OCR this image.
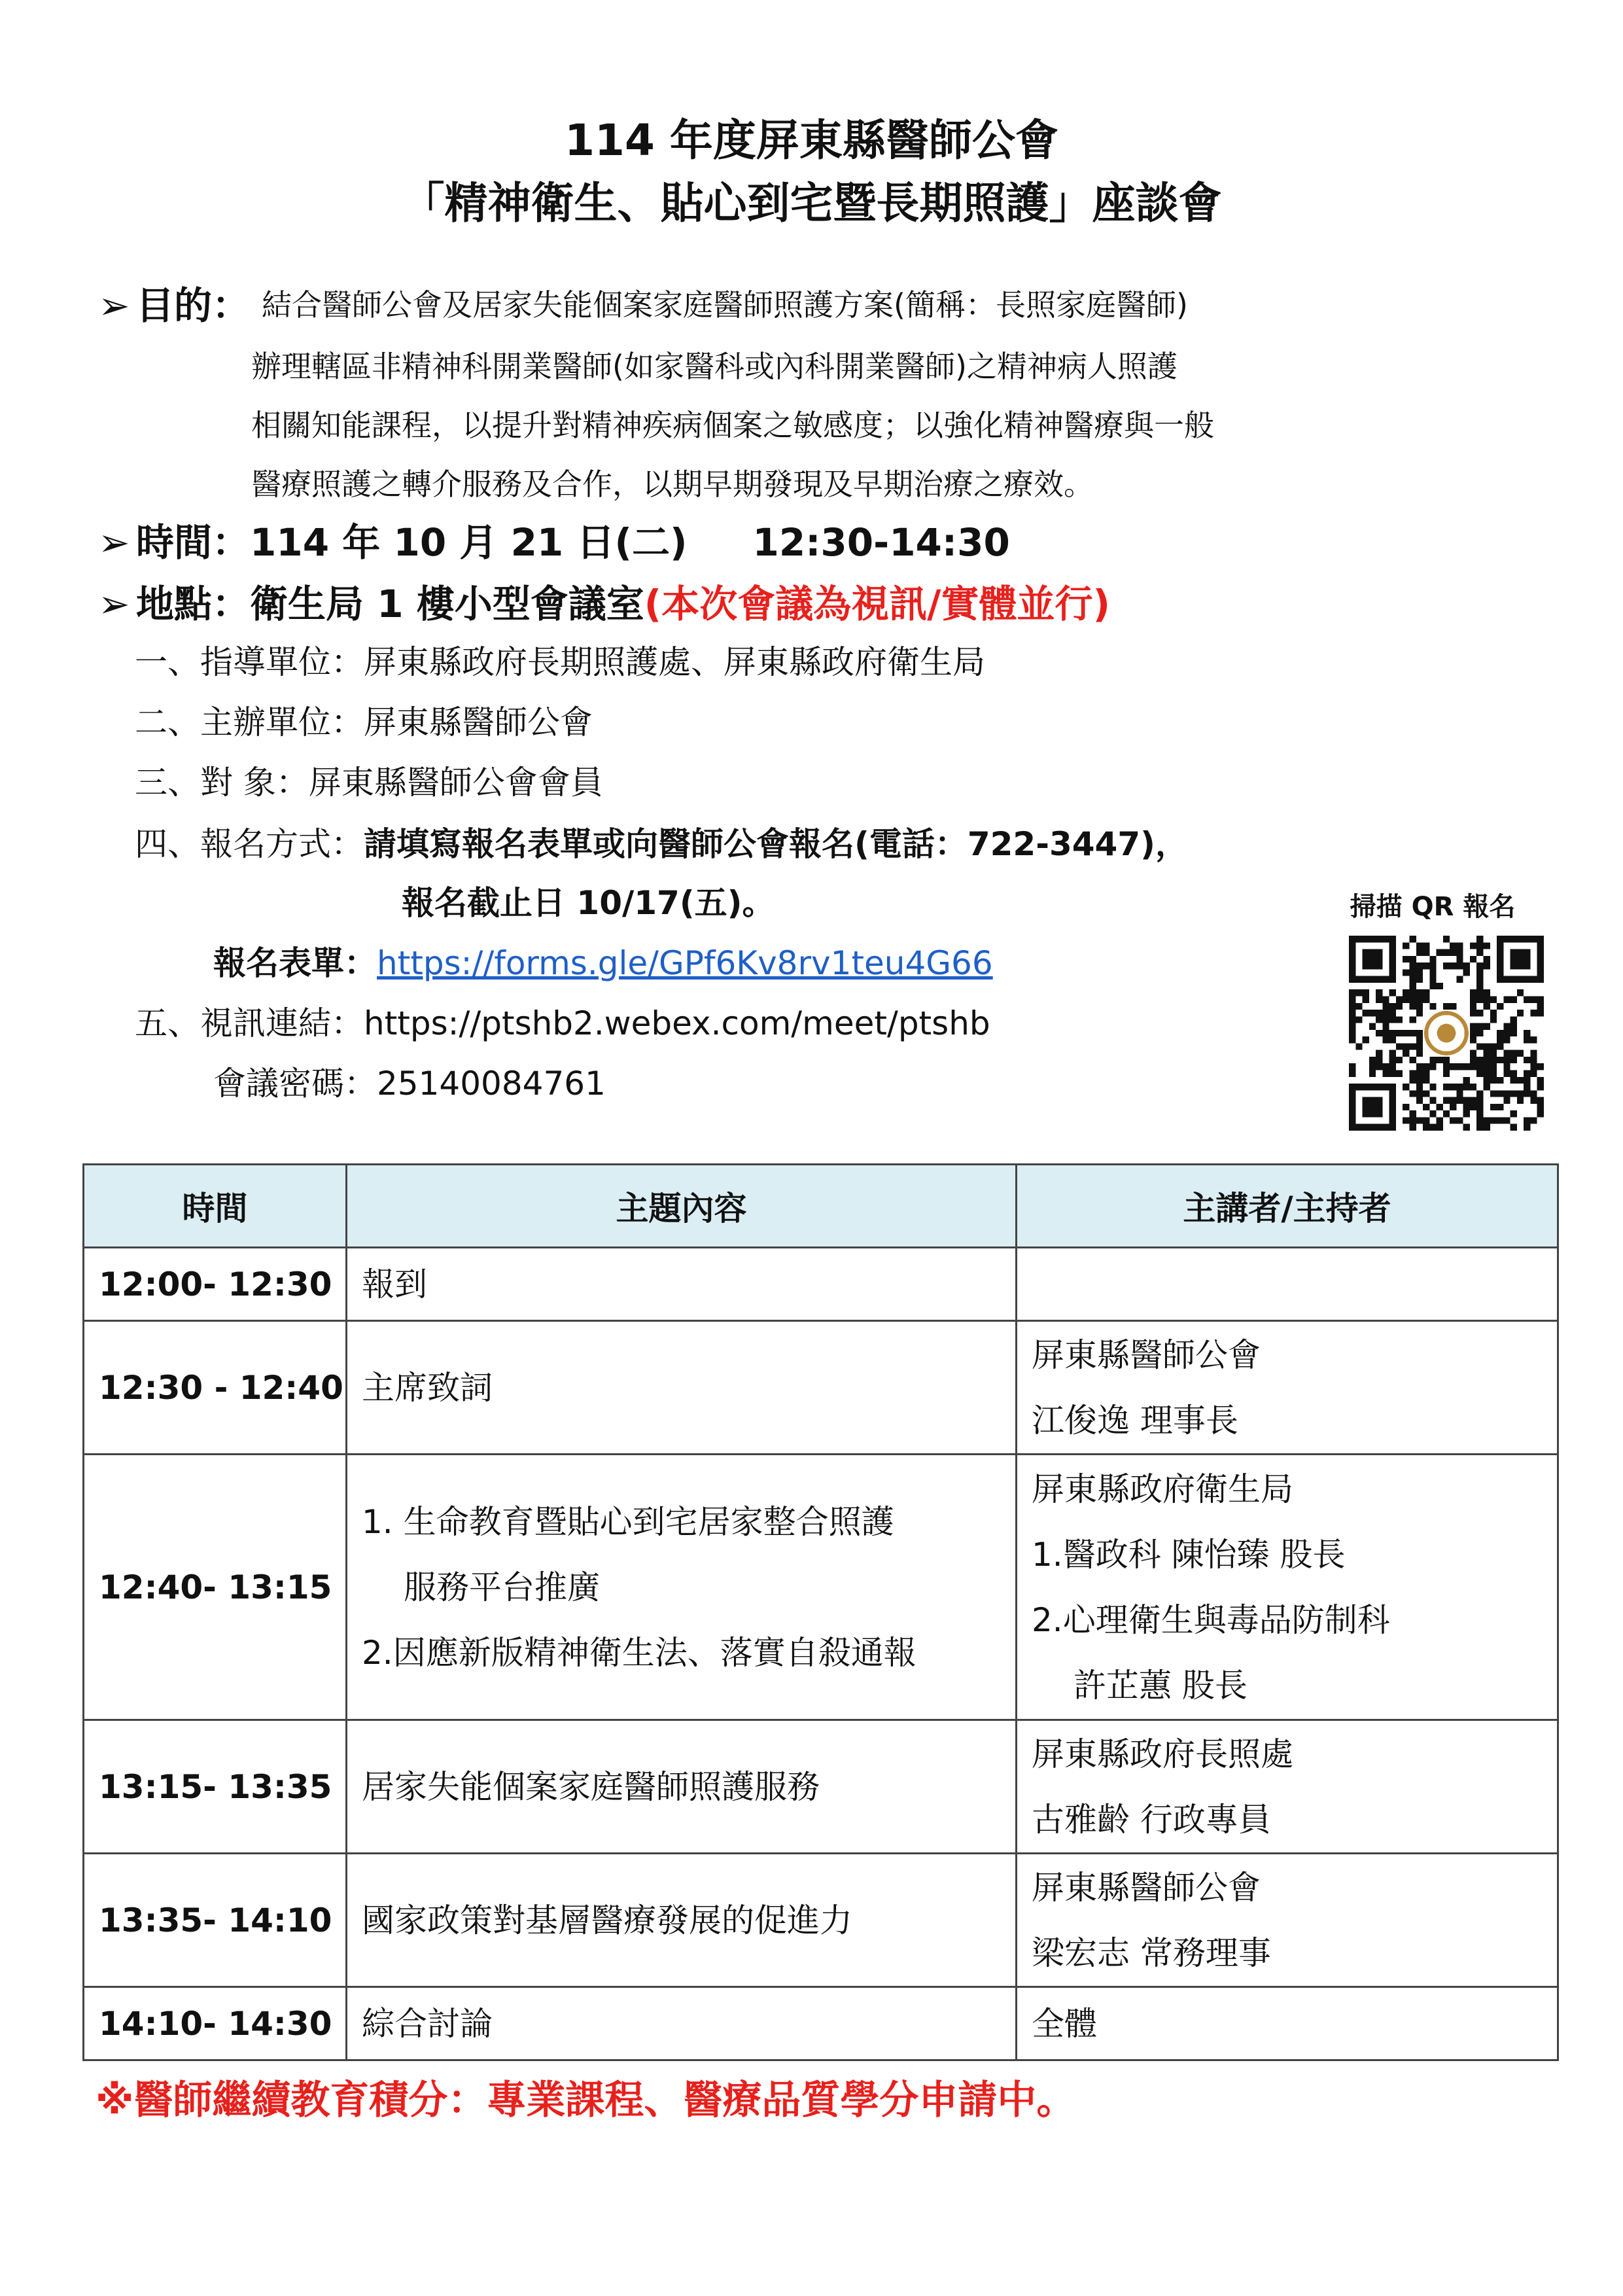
114 年度屏東縣醫師公會
「精神衛生、貼心到宅暨長期照護」座談會
➢ 目的： 結合醫師公會及居家失能個案家庭醫師照護方案(簡稱：長照家庭醫師)
辦理轄區非精神科開業醫師(如家醫科或內科開業醫師)之精神病人照護
相關知能課程，以提升對精神疾病個案之敏感度；以強化精神醫療與一般
醫療照護之轉介服務及合作，以期早期發現及早期治療之療效。
➢ 時間：114 年 10 月 21 日(二) 12:30-14:30
➢ 地點：衛生局 1 樓小型會議室(本次會議為視訊/實體並行)
一、指導單位：屏東縣政府長期照護處、屏東縣政府衛生局
二、主辦單位：屏東縣醫師公會
三、對 象：屏東縣醫師公會會員
四、報名方式：請填寫報名表單或向醫師公會報名(電話：722-3447)，
報名截止日 10/17(五)。
報名表單：https://forms.gle/GPf6Kv8rv1teu4G66
五、視訊連結：https://ptshb2.webex.com/meet/ptshb
會議密碼：25140084761
掃描 QR 報名
時間	主題內容	主講者/主持者
12:00- 12:30	報到	

12:30 - 12:40	主席致詞	屏東縣醫師公會
江俊逸 理事長

12:40- 13:15	1. 生命教育暨貼心到宅居家整合照護
服務平台推廣
2.因應新版精神衛生法、落實自殺通報	屏東縣政府衛生局
1.醫政科 陳怡臻 股長
2.心理衛生與毒品防制科
許芷蕙 股長

13:15- 13:35	居家失能個案家庭醫師照護服務	屏東縣政府長照處
古雅齡 行政專員

13:35- 14:10	國家政策對基層醫療發展的促進力	屏東縣醫師公會
梁宏志 常務理事

14:10- 14:30	綜合討論	全體
※醫師繼續教育積分：專業課程、醫療品質學分申請中。
